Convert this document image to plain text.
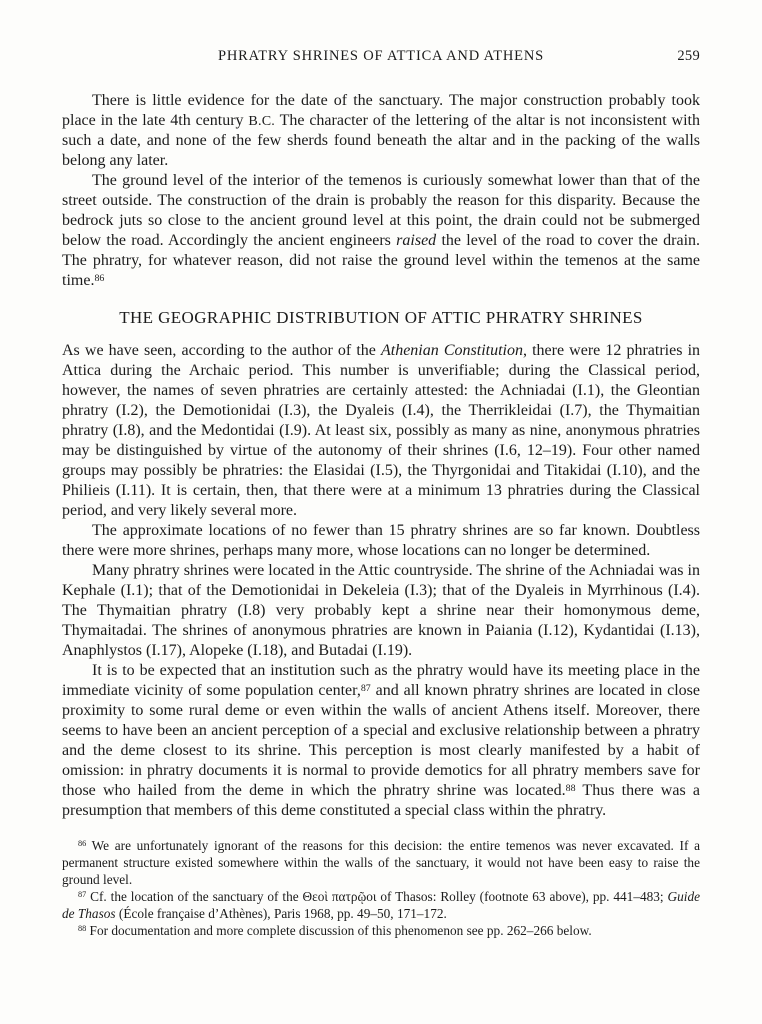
PHRATRY SHRINES OF ATTICA AND ATHENS	259

There is little evidence for the date of the sanctuary. The major construction probably took place in the late 4th century B.C. The character of the lettering of the altar is not inconsistent with such a date, and none of the few sherds found beneath the altar and in the packing of the walls belong any later.

The ground level of the interior of the temenos is curiously somewhat lower than that of the street outside. The construction of the drain is probably the reason for this disparity. Because the bedrock juts so close to the ancient ground level at this point, the drain could not be submerged below the road. Accordingly the ancient engineers raised the level of the road to cover the drain. The phratry, for whatever reason, did not raise the ground level within the temenos at the same time.$^{86}$

THE GEOGRAPHIC DISTRIBUTION OF ATTIC PHRATRY SHRINES

As we have seen, according to the author of the Athenian Constitution, there were 12 phratries in Attica during the Archaic period. This number is unverifiable; during the Classical period, however, the names of seven phratries are certainly attested: the Achniadai (I.1), the Gleontian phratry (I.2), the Demotionidai (I.3), the Dyaleis (I.4), the Therrikleidai (I.7), the Thymaitian phratry (I.8), and the Medontidai (I.9). At least six, possibly as many as nine, anonymous phratries may be distinguished by virtue of the autonomy of their shrines (I.6, 12–19). Four other named groups may possibly be phratries: the Elasidai (I.5), the Thyrgonidai and Titakidai (I.10), and the Philieis (I.11). It is certain, then, that there were at a minimum 13 phratries during the Classical period, and very likely several more.

The approximate locations of no fewer than 15 phratry shrines are so far known. Doubtless there were more shrines, perhaps many more, whose locations can no longer be determined.

Many phratry shrines were located in the Attic countryside. The shrine of the Achniadai was in Kephale (I.1); that of the Demotionidai in Dekeleia (I.3); that of the Dyaleis in Myrrhinous (I.4). The Thymaitian phratry (I.8) very probably kept a shrine near their homonymous deme, Thymaitadai. The shrines of anonymous phratries are known in Paiania (I.12), Kydantidai (I.13), Anaphlystos (I.17), Alopeke (I.18), and Butadai (I.19).

It is to be expected that an institution such as the phratry would have its meeting place in the immediate vicinity of some population center,$^{87}$ and all known phratry shrines are located in close proximity to some rural deme or even within the walls of ancient Athens itself. Moreover, there seems to have been an ancient perception of a special and exclusive relationship between a phratry and the deme closest to its shrine. This perception is most clearly manifested by a habit of omission: in phratry documents it is normal to provide demotics for all phratry members save for those who hailed from the deme in which the phratry shrine was located.$^{88}$ Thus there was a presumption that members of this deme constituted a special class within the phratry.

$^{86}$ We are unfortunately ignorant of the reasons for this decision: the entire temenos was never excavated. If a permanent structure existed somewhere within the walls of the sanctuary, it would not have been easy to raise the ground level.

$^{87}$ Cf. the location of the sanctuary of the Θεοὶ πατρῷοι of Thasos: Rolley (footnote 63 above), pp. 441–483; Guide de Thasos (École française d’Athènes), Paris 1968, pp. 49–50, 171–172.

$^{88}$ For documentation and more complete discussion of this phenomenon see pp. 262–266 below.
